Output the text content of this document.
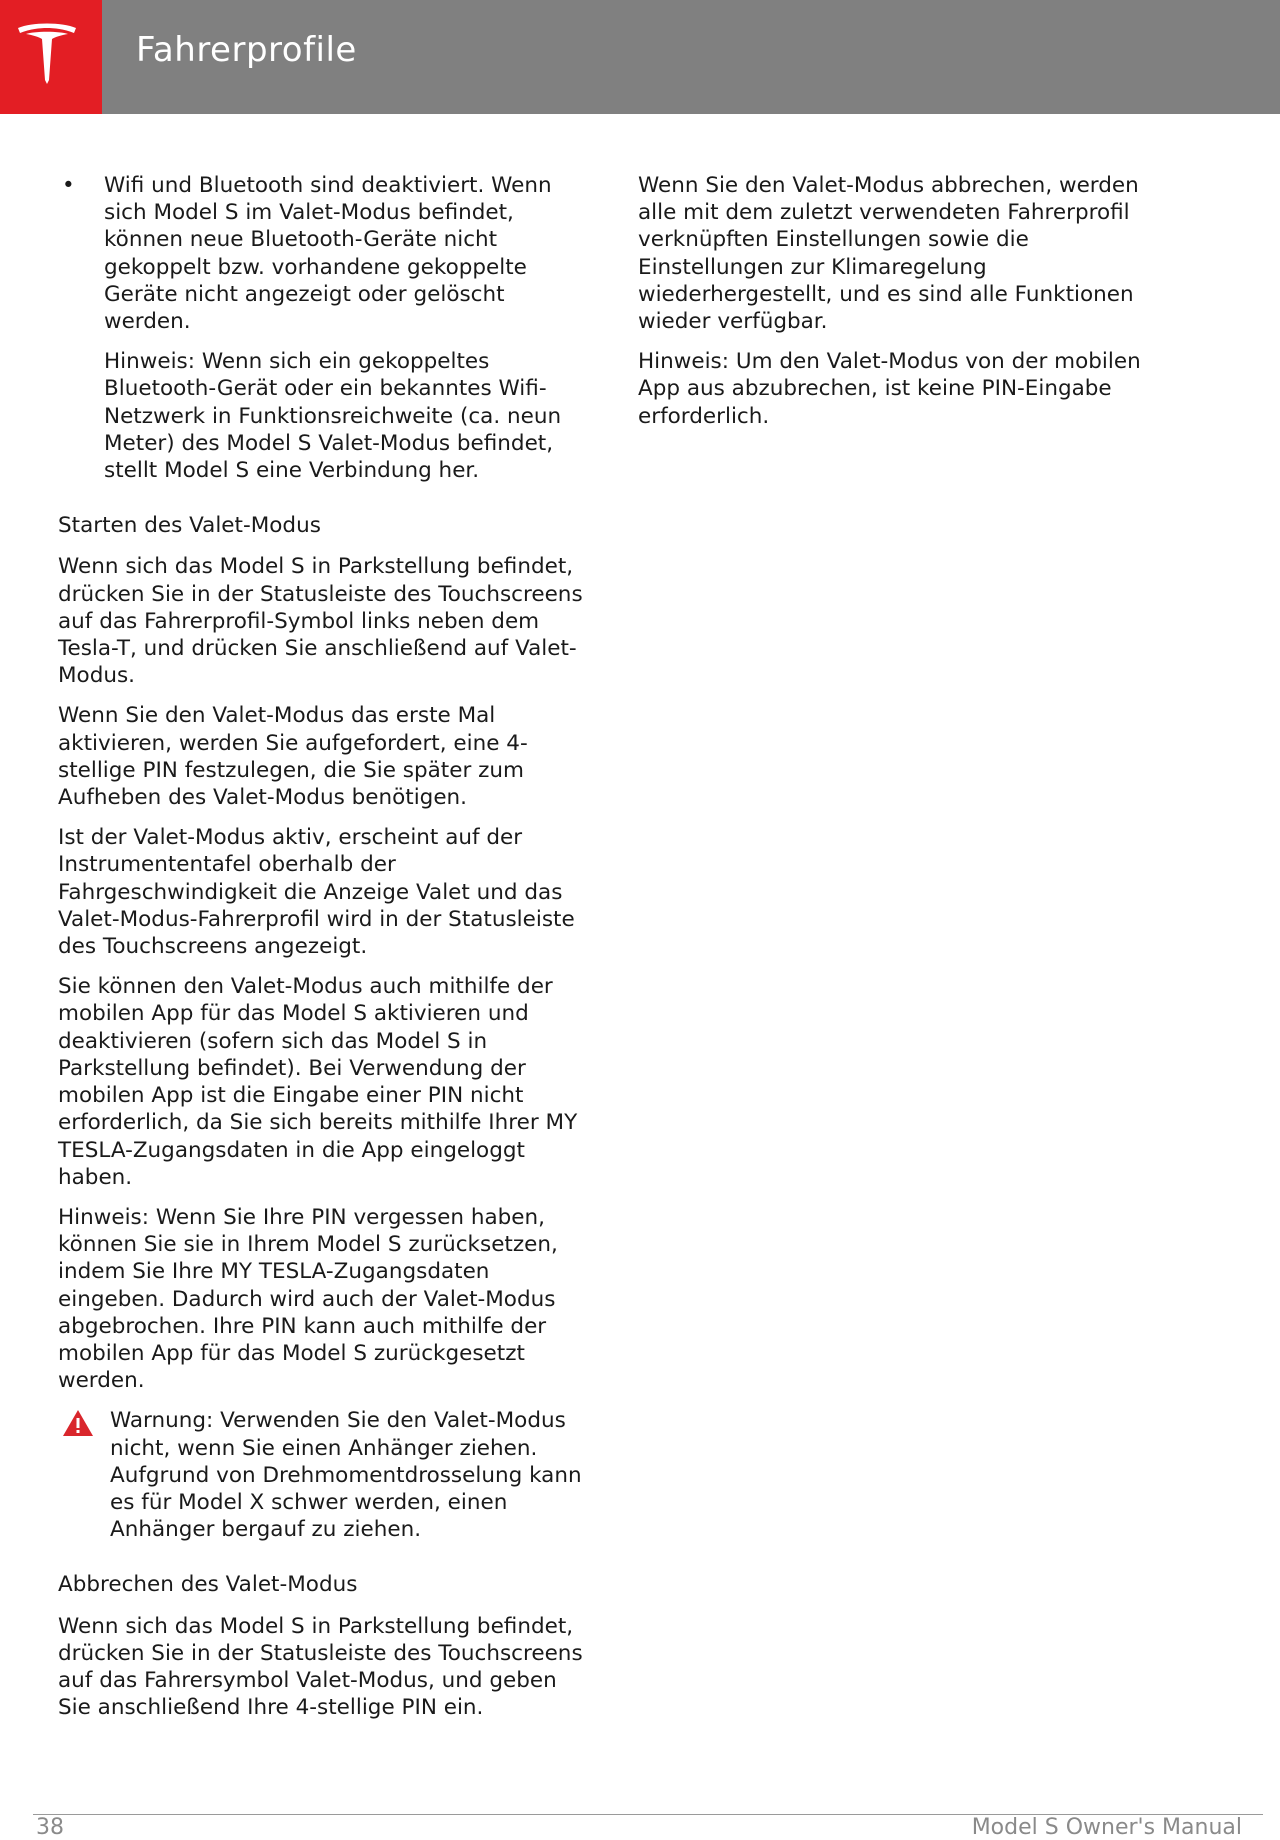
Fahrerprofile
• Wifi und Bluetooth sind deaktiviert. Wenn sich Model S im Valet-Modus befindet, können neue Bluetooth-Geräte nicht gekoppelt bzw. vorhandene gekoppelte Geräte nicht angezeigt oder gelöscht werden.

Hinweis: Wenn sich ein gekoppeltes Bluetooth-Gerät oder ein bekanntes Wifi-Netzwerk in Funktionsreichweite (ca. neun Meter) des Model S Valet-Modus befindet, stellt Model S eine Verbindung her.

Starten des Valet-Modus

Wenn sich das Model S in Parkstellung befindet, drücken Sie in der Statusleiste des Touchscreens auf das Fahrerprofil-Symbol links neben dem Tesla-T, und drücken Sie anschließend auf Valet-Modus.

Wenn Sie den Valet-Modus das erste Mal aktivieren, werden Sie aufgefordert, eine 4-stellige PIN festzulegen, die Sie später zum Aufheben des Valet-Modus benötigen.

Ist der Valet-Modus aktiv, erscheint auf der Instrumententafel oberhalb der Fahrgeschwindigkeit die Anzeige Valet und das Valet-Modus-Fahrerprofil wird in der Statusleiste des Touchscreens angezeigt.

Sie können den Valet-Modus auch mithilfe der mobilen App für das Model S aktivieren und deaktivieren (sofern sich das Model S in Parkstellung befindet). Bei Verwendung der mobilen App ist die Eingabe einer PIN nicht erforderlich, da Sie sich bereits mithilfe Ihrer MY TESLA-Zugangsdaten in die App eingeloggt haben.

Hinweis: Wenn Sie Ihre PIN vergessen haben, können Sie sie in Ihrem Model S zurücksetzen, indem Sie Ihre MY TESLA-Zugangsdaten eingeben. Dadurch wird auch der Valet-Modus abgebrochen. Ihre PIN kann auch mithilfe der mobilen App für das Model S zurückgesetzt werden.

Warnung: Verwenden Sie den Valet-Modus nicht, wenn Sie einen Anhänger ziehen. Aufgrund von Drehmomentdrosselung kann es für Model X schwer werden, einen Anhänger bergauf zu ziehen.

Abbrechen des Valet-Modus

Wenn sich das Model S in Parkstellung befindet, drücken Sie in der Statusleiste des Touchscreens auf das Fahrersymbol Valet-Modus, und geben Sie anschließend Ihre 4-stellige PIN ein.

Wenn Sie den Valet-Modus abbrechen, werden alle mit dem zuletzt verwendeten Fahrerprofil verknüpften Einstellungen sowie die Einstellungen zur Klimaregelung wiederhergestellt, und es sind alle Funktionen wieder verfügbar.

Hinweis: Um den Valet-Modus von der mobilen App aus abzubrechen, ist keine PIN-Eingabe erforderlich.

38	Model S Owner's Manual
